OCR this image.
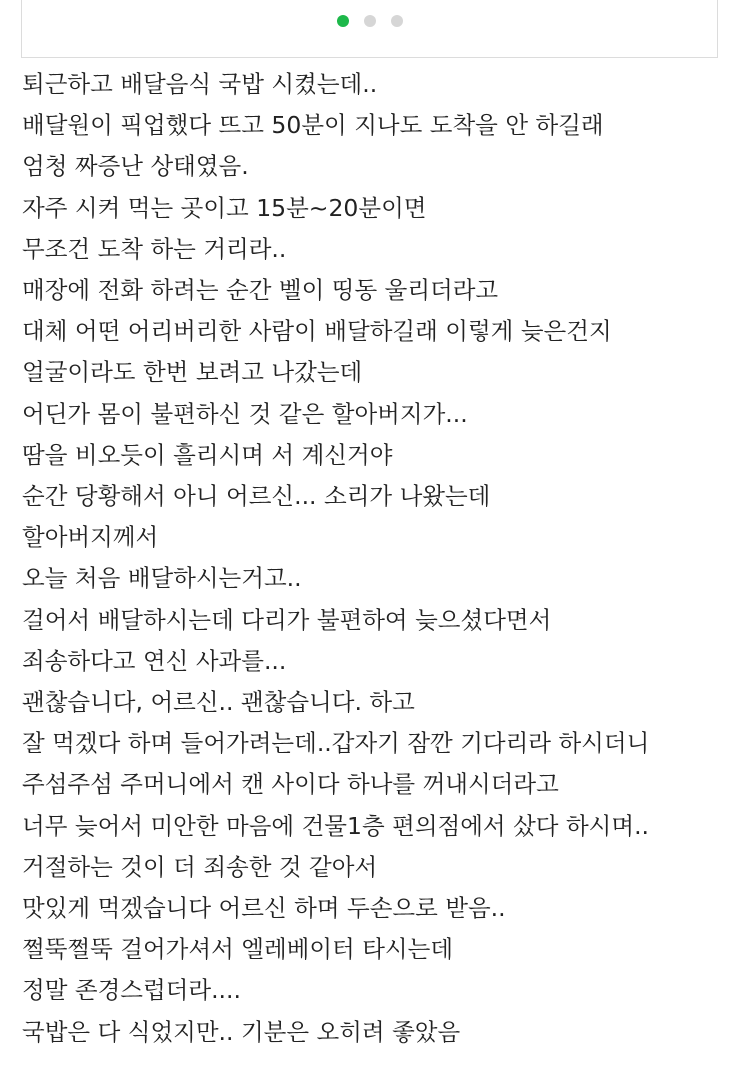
퇴근하고 배달음식 국밥 시켰는데..

배달원이 픽업했다 뜨고 50분이 지나도 도착을 안 하길래

엄청 짜증난 상태였음.

자주 시켜 먹는 곳이고 15분~20분이면

무조건 도착 하는 거리라..

매장에 전화 하려는 순간 벨이 띵동 울리더라고

대체 어떤 어리버리한 사람이 배달하길래 이렇게 늦은건지

얼굴이라도 한번 보려고 나갔는데

어딘가 몸이 불편하신 것 같은 할아버지가...

땀을 비오듯이 흘리시며 서 계신거야

순간 당황해서 아니 어르신... 소리가 나왔는데

할아버지께서

오늘 처음 배달하시는거고..

걸어서 배달하시는데 다리가 불편하여 늦으셨다면서

죄송하다고 연신 사과를...

괜찮습니다, 어르신.. 괜찮습니다. 하고

잘 먹겠다 하며 들어가려는데..갑자기 잠깐 기다리라 하시더니

주섬주섬 주머니에서 캔 사이다 하나를 꺼내시더라고

너무 늦어서 미안한 마음에 건물1층 편의점에서 샀다 하시며..

거절하는 것이 더 죄송한 것 같아서

맛있게 먹겠습니다 어르신 하며 두손으로 받음..

쩔뚝쩔뚝 걸어가셔서 엘레베이터 타시는데

정말 존경스럽더라....

국밥은 다 식었지만.. 기분은 오히려 좋았음
